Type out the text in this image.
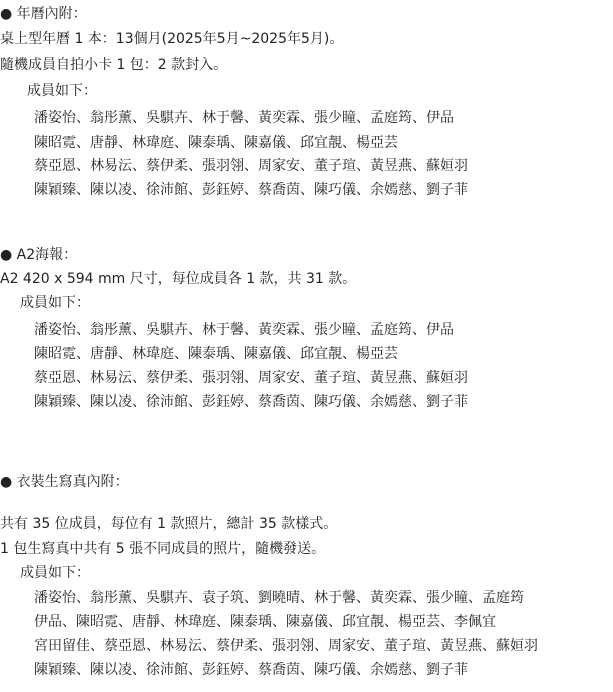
● 年曆內附：
桌上型年曆 1 本：13個月(2025年5月~2025年5月)。
隨機成員自拍小卡 1 包：2 款封入。
成員如下：
潘姿怡、翁彤薰、吳騏卉、林于馨、黃奕霖、張少瞳、孟庭筠、伊品
陳昭霓、唐靜、林瑋庭、陳泰瑀、陳嘉儀、邱宜靚、楊亞芸
蔡亞恩、林易沄、蔡伊柔、張羽翎、周家安、董子瑄、黃昱燕、蘇姮羽
陳穎臻、陳以凌、徐沛館、彭鈺婷、蔡喬茵、陳巧儀、余嫣慈、劉子菲
● A2海報：
A2 420 x 594 mm 尺寸，每位成員各 1 款，共 31 款。
成員如下：
潘姿怡、翁彤薰、吳騏卉、林于馨、黃奕霖、張少瞳、孟庭筠、伊品
陳昭霓、唐靜、林瑋庭、陳泰瑀、陳嘉儀、邱宜靚、楊亞芸
蔡亞恩、林易沄、蔡伊柔、張羽翎、周家安、董子瑄、黃昱燕、蘇姮羽
陳穎臻、陳以凌、徐沛館、彭鈺婷、蔡喬茵、陳巧儀、余嫣慈、劉子菲
● 衣裝生寫真內附：
共有 35 位成員，每位有 1 款照片，總計 35 款樣式。
1 包生寫真中共有 5 張不同成員的照片，隨機發送。
成員如下：
潘姿怡、翁彤薰、吳騏卉、袁子筑、劉曉晴、林于馨、黃奕霖、張少瞳、孟庭筠
伊品、陳昭霓、唐靜、林瑋庭、陳泰瑀、陳嘉儀、邱宜靚、楊亞芸、李佩宜
宮田留佳、蔡亞恩、林易沄、蔡伊柔、張羽翎、周家安、董子瑄、黃昱燕、蘇姮羽
陳穎臻、陳以凌、徐沛館、彭鈺婷、蔡喬茵、陳巧儀、余嫣慈、劉子菲
